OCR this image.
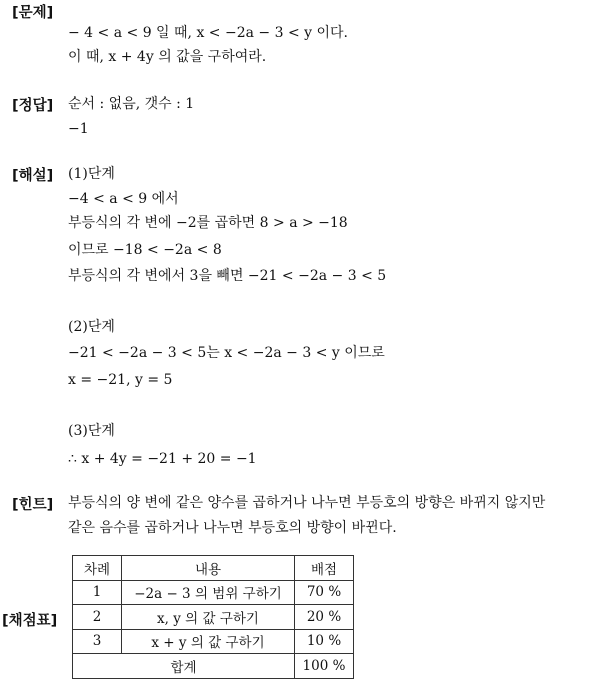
[문제]
− 4 < a < 9 일 때, x < −2a − 3 < y 이다.
이 때, x + 4y 의 값을 구하여라.
[정답] 순서 : 없음, 갯수 : 1
−1
[해설] (1)단계
−4 < a < 9 에서
부등식의 각 변에 −2를 곱하면 8 > a > −18
이므로 −18 < −2a < 8
부등식의 각 변에서 3을 빼면 −21 < −2a − 3 < 5
(2)단계
−21 < −2a − 3 < 5는 x < −2a − 3 < y 이므로
x = −21, y = 5
(3)단계
∴ x + 4y = −21 + 20 = −1
[힌트] 부등식의 양 변에 같은 양수를 곱하거나 나누면 부등호의 방향은 바뀌지 않지만
같은 음수를 곱하거나 나누면 부등호의 방향이 바뀐다.
[채점표]
차례	내용	배점
1	−2a − 3 의 범위 구하기	70 %
2	x, y 의 값 구하기	20 %
3	x + y 의 값 구하기	10 %
합계		100 %
